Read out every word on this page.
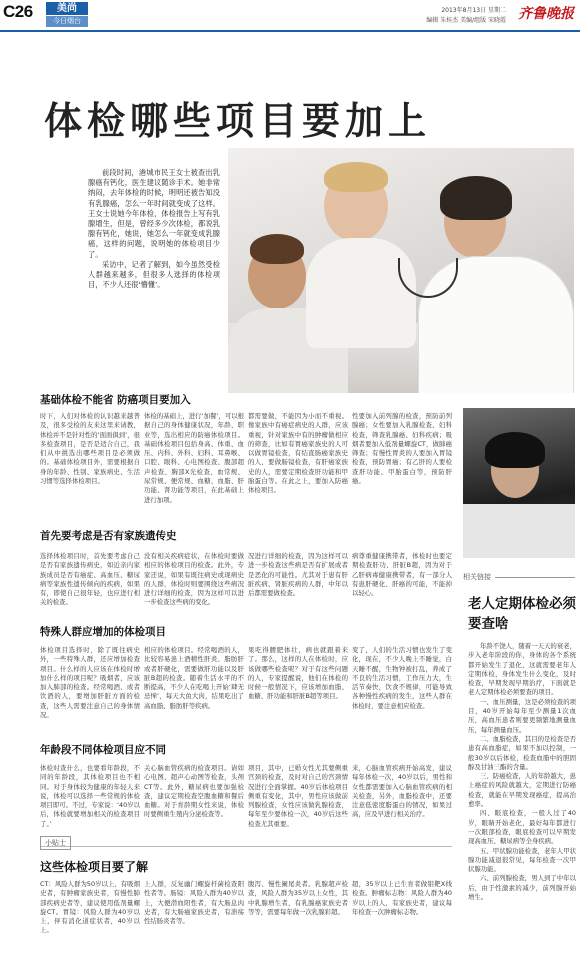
C26	美尚
今日烟台
2013年8月13日 星期二
编辑 朱桂杰 美编/组版 宋晓霞 齐鲁晚报
体检哪些项目要加上

前段时间，港城市民王女士被查出乳腺癌有钙化，医生建议随诊手术。她非常纳闷，去年体检的时候，明明还被告知没有乳腺癌，怎么一年时间就变成了这样。王女士说她今年体检，体检报告上写有乳腺增生，但是，曾经多少次体检，都说乳腺有钙化，她说，她怎么一年就变成乳腺癌，这样的问题，说明她的体检项目少了。

采访中，记者了解到，如今虽然受检人群越来越多，但很多人选择的体检项目，不少人还很‘懵懂’。

基础体检不能省 防癌项目要加入
时下，入们对体检的认识越来越普及，很多受检的友来这里来请教，体检并不是针对性的‘面面俱到’，很多检查项目，是否是适合自己，我们从中挑选出哪些项目是必须做的。基础体检项目外，需要根据自身的年龄、性别、家族病史、生活习惯等选择体检项目。
体检的基础上，进行‘加餐’，可以根据自己的身体健康状况，年龄、职业等，选出相应的防癌体检项目。基础体检项目包括身高、体重、血压、内科、外科、妇科、耳鼻喉、口腔、眼科、心电图检查、腹部超声检查、胸部X光检查、血常规、尿常规、便常规、血糖、血脂、肝功能、肾功能等项目，在此基础上进行加项。
都需要做，不能因为小而不重视。像家族中有癌症病史的人群，应该重视，针对家族中有的肿瘤做相应的筛查，比如有胃癌家族史的人可以做胃镜检查，有结直肠癌家族史的人，要做肠镜检查，有肝癌家族史的人，需要定期检查肝功能和甲胎蛋白等。在此之上，要加入防癌体检项目。
性要加入前列腺的检查，预防前列腺癌；女性要加入乳腺检查、妇科检查，筛查乳腺癌、妇科疾病；吸烟者要加入低剂量螺旋CT，做肺癌筛查；有慢性胃炎的人要加入胃镜检查，预防胃癌；有乙肝的人要检查肝功能、甲胎蛋白等，预防肝癌。
首先要考虑是否有家族遗传史
选择体检项目时，首先要考虑自己是否有家族遗传病史，如近亲内家族成员是否有癌症、高血压、糖尿病等家族性遗传倾向的疾病，如果有，即使自己很年轻，也应进行相关的检查。
没有相关疾病症状，在体检时要做相应的体检项目的检查。此外，专家还说，如果有既往病史或现病史的人群，体检时则要围绕这些病况进行详细的检查，因为这样可以进一步检查这些病的变化。
况进行详细的检查，因为这样可以进一步检查这些病是否有扩展或者是恶化的可能性。尤其对于患有肝脏疾病、肾脏疾病的人群，中年以后都需要做检查。
病尊重健康携带者，体检时也要定期检查肝功、肝脏B超，因为对于乙肝病毒健康携带者，有一部分人有患肝硬化、肝癌的可能，不能掉以轻心。
特殊人群应增加的体检项目
体检项目选择时，除了既往病史外，一些特殊人群，还应增加检查项目。什么样的人应该在体检时增加什么样的项目呢？吸烟者，应该加入肺部的检查。经常喝酒、或者饮酒的人，要增加肝脏方面的检查，这些人需要注意自己的身体情况。
相应的体检项目。经常喝酒的人，比较容易患上酒精性肝炎、脂肪肝或者肝硬化，需要做肝功能以及肝脏B超的检查。随着生活水平的不断提高，不少人在吃喝上开始‘肆无忌惮’，每天大鱼大肉，结果吃出了高血脂、脂肪肝等疾病。
果吃得腰肥体壮，病也就跟着来了。那么，这样的人在体检时，应该做哪些检查呢？对于有这些问题的人，专家提醒说，他们在体检的时候一般情况下，应该增加血脂、血糖、肝功能和肝脏B超等项目。
变了，人们的生活习惯也发生了变化，现在，不少人晚上不睡觉，白天睡不醒，生物钟被打乱，养成了不良的生活习惯，工作压力大，生活节奏快，饮食不规律，可能导致各种慢性疾病的发生，这些人群在体检时，要注意相应检查。
年龄段不同体检项目应不同
体检时查什么，也要看年龄段，不同的年龄段，其体检项目也不相同。对于身体较为健康的年轻人来说，体检可以选择一些常规的体检项目即可。不过，专家说：‘40岁以后，体检就要增加相关的检查项目了。’
关心脑血管疾病的检查项目。请如心电图、超声心动图等检查，头颅CT等。此外，糖尿病也要加强检查，建议定期检查空腹血糖和餐后血糖。对于育龄期女性来说，体检时要侧重生殖内分泌检查等。
项目，其中，已婚女性尤其要侧重宫颈的检查，及时对自己的宫颈情况进行全面掌握。40岁后体检项目侧重有变化，其中，男性应该做前列腺检查，女性应该做乳腺检查，每年至少要体检一次，40岁后这些检查尤其重要。
来，心脑血管疾病开始高发，建议每年体检一次，40岁以后，男性和女性都需要加入心脑血管疾病的相关检查，另外，血脂检查中，还要注意低密度脂蛋白的情况，如果过高，应及早进行相关治疗。
小贴士
这些体检项目要了解
CT：风险人群为50岁以上、有吸烟史者，有肿瘤家族史者，有慢性肺部疾病史者等，建议使用低剂量螺旋CT。胃镜：风险人群为40岁以上，伴有消化道症状者，40岁以上。
上人群，反复幽门螺旋杆菌检查阳性者等。肠镜：风险人群为40岁以上，大便潜血阳性者，有大肠息肉史者，有大肠癌家族史者，有溃疡性结肠炎者等。
腹泻、慢性阑尾炎者。乳腺超声检查，风险人群为35岁以上女性，其中乳腺增生者，有乳腺癌家族史者等等，需要每年做一次乳腺彩超。
超，35岁以上已生育者做钼靶X线检查。肿瘤标志物：风险人群为40岁以上的人，有家族史者，建议每年检查一次肿瘤标志物。
相关链接
老人定期体检必须要查啥

年龄不饶人，随着一天天的衰老，步入老年阶段的你，身体的各个系统都开始发生了退化，这就需要老年人定期体检，身体发生什么变化，及时检查，早期发现早期治疗，下面就是老人定期体检必须要查的项目。

一、血压测量，这是必须检查的项目，40岁开始每年至少测量1次血压，高血压患者则要更频繁地测量血压，每年测量血压。

二、血脂检查，其目的是检查是否患有高血脂症，如果不加以控制，一般30岁以后体检，检查血脂中的胆固醇及甘油三酯的含量。

三、防癌检查，人的年龄越大，患上癌症的风险就越大，定期进行防癌检查，就能在早期发现癌症，提高治愈率。

四、眼底检查，一般人过了40岁，眼睛开始老化，最好每年都进行一次眼部检查，眼底检查可以早期发现高血压、糖尿病等全身疾病。

五、甲状腺功能检查，老年人甲状腺功能减退很常见，每年检查一次甲状腺功能。

六、前列腺检查，男人到了中年以后，由于性激素的减少，前列腺开始增生。
